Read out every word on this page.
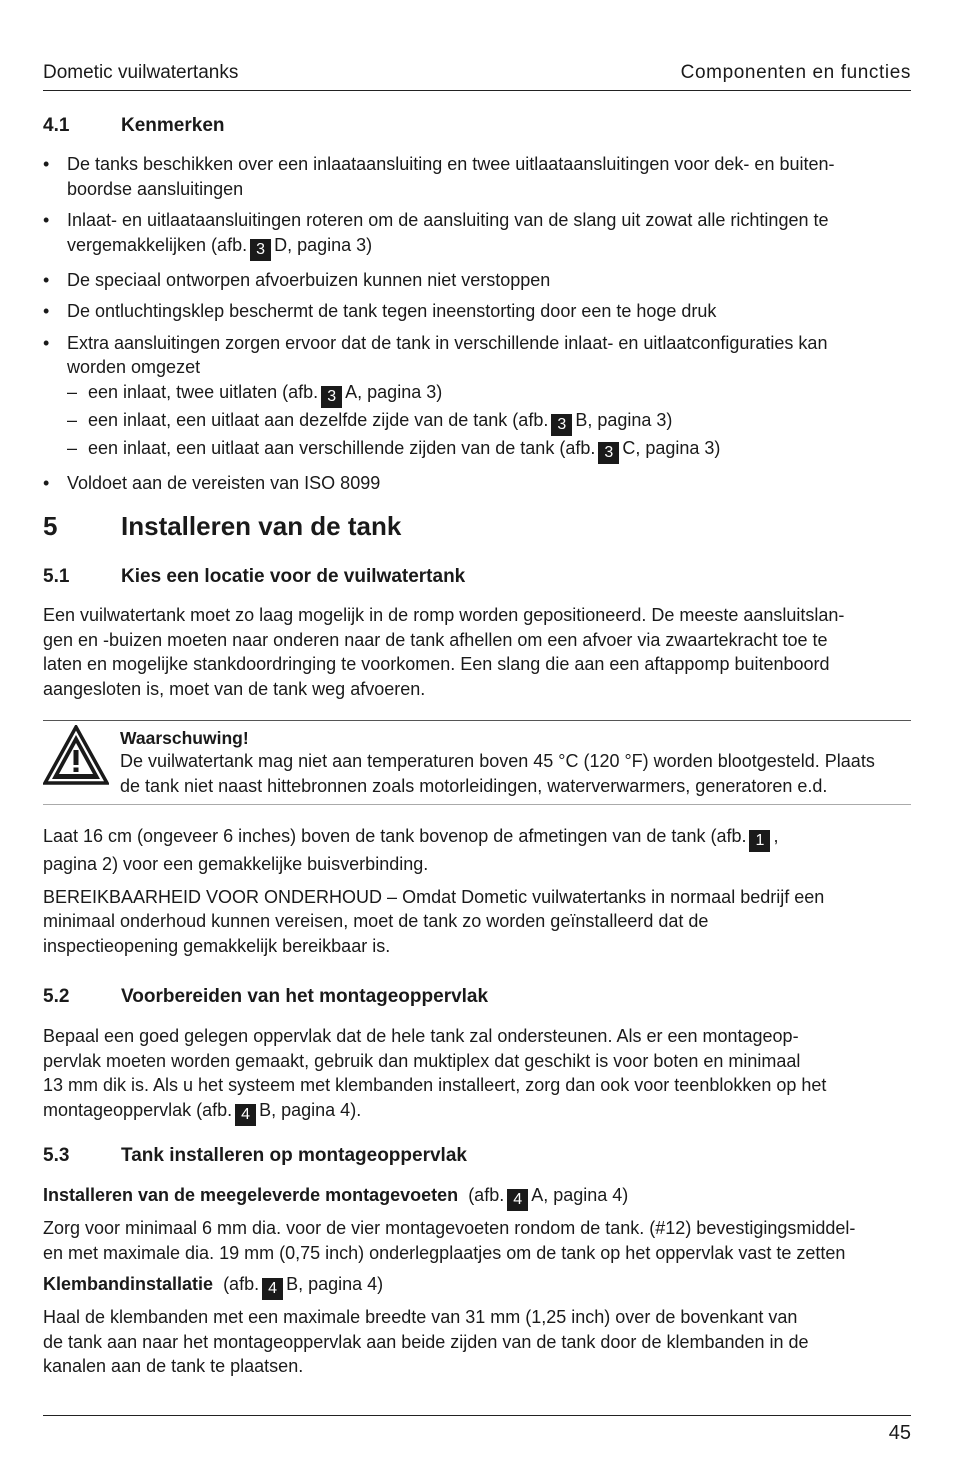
Dometic vuilwatertanks	Componenten en functies
4.1	Kenmerken
• De tanks beschikken over een inlaataansluiting en twee uitlaataansluitingen voor dek- en buiten-
boordse aansluitingen
• Inlaat- en uitlaataansluitingen roteren om de aansluiting van de slang uit zowat alle richtingen te
vergemakkelijken (afb. 3 D, pagina 3)
• De speciaal ontworpen afvoerbuizen kunnen niet verstoppen
• De ontluchtingsklep beschermt de tank tegen ineenstorting door een te hoge druk
• Extra aansluitingen zorgen ervoor dat de tank in verschillende inlaat- en uitlaatconfiguraties kan
worden omgezet
– een inlaat, twee uitlaten (afb. 3 A, pagina 3)
– een inlaat, een uitlaat aan dezelfde zijde van de tank (afb. 3 B, pagina 3)
– een inlaat, een uitlaat aan verschillende zijden van de tank (afb. 3 C, pagina 3)
• Voldoet aan de vereisten van ISO 8099
5 Installeren van de tank
5.1	Kies een locatie voor de vuilwatertank
Een vuilwatertank moet zo laag mogelijk in de romp worden gepositioneerd. De meeste aansluitslan-
gen en -buizen moeten naar onderen naar de tank afhellen om een afvoer via zwaartekracht toe te
laten en mogelijke stankdoordringing te voorkomen. Een slang die aan een aftappomp buitenboord
aangesloten is, moet van de tank weg afvoeren.
Waarschuwing!
De vuilwatertank mag niet aan temperaturen boven 45 °C (120 °F) worden blootgesteld. Plaats
de tank niet naast hittebronnen zoals motorleidingen, waterverwarmers, generatoren e.d.

Laat 16 cm (ongeveer 6 inches) boven de tank bovenop de afmetingen van de tank (afb. 1 ,
pagina 2) voor een gemakkelijke buisverbinding.

BEREIKBAARHEID VOOR ONDERHOUD – Omdat Dometic vuilwatertanks in normaal bedrijf een
minimaal onderhoud kunnen vereisen, moet de tank zo worden geïnstalleerd dat de
inspectieopening gemakkelijk bereikbaar is.

5.2	Voorbereiden van het montageoppervlak
Bepaal een goed gelegen oppervlak dat de hele tank zal ondersteunen. Als er een montageop-
pervlak moeten worden gemaakt, gebruik dan muktiplex dat geschikt is voor boten en minimaal
13 mm dik is. Als u het systeem met klembanden installeert, zorg dan ook voor teenblokken op het
montageoppervlak (afb. 4 B, pagina 4).
5.3	Tank installeren op montageoppervlak

Installeren van de meegeleverde montagevoeten (afb. 4 A, pagina 4)

Zorg voor minimaal 6 mm dia. voor de vier montagevoeten rondom de tank. (#12) bevestigingsmiddel-
en met maximale dia. 19 mm (0,75 inch) onderlegplaatjes om de tank op het oppervlak vast te zetten

Klembandinstallatie (afb. 4 B, pagina 4)

Haal de klembanden met een maximale breedte van 31 mm (1,25 inch) over de bovenkant van
de tank aan naar het montageoppervlak aan beide zijden van de tank door de klembanden in de
kanalen aan de tank te plaatsen.

45
